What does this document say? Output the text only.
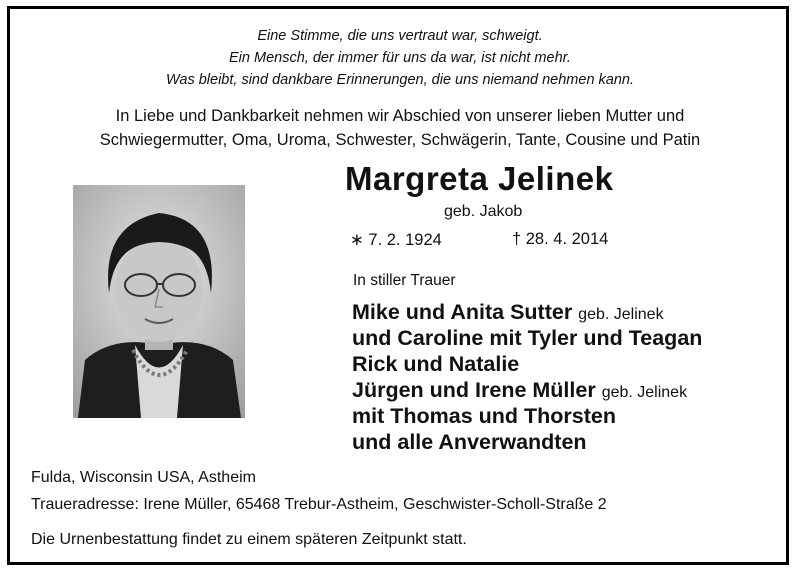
Eine Stimme, die uns vertraut war, schweigt.
Ein Mensch, der immer für uns da war, ist nicht mehr.
Was bleibt, sind dankbare Erinnerungen, die uns niemand nehmen kann.
In Liebe und Dankbarkeit nehmen wir Abschied von unserer lieben Mutter und
Schwiegermutter, Oma, Uroma, Schwester, Schwägerin, Tante, Cousine und Patin
Margreta Jelinek
geb. Jakob
∗ 7. 2. 1924	† 28. 4. 2014
In stiller Trauer
Mike und Anita Sutter geb. Jelinek
und Caroline mit Tyler und Teagan
Rick und Natalie
Jürgen und Irene Müller geb. Jelinek
mit Thomas und Thorsten
und alle Anverwandten
Fulda, Wisconsin USA, Astheim
Traueradresse: Irene Müller, 65468 Trebur-Astheim, Geschwister-Scholl-Straße 2
Die Urnenbestattung findet zu einem späteren Zeitpunkt statt.
